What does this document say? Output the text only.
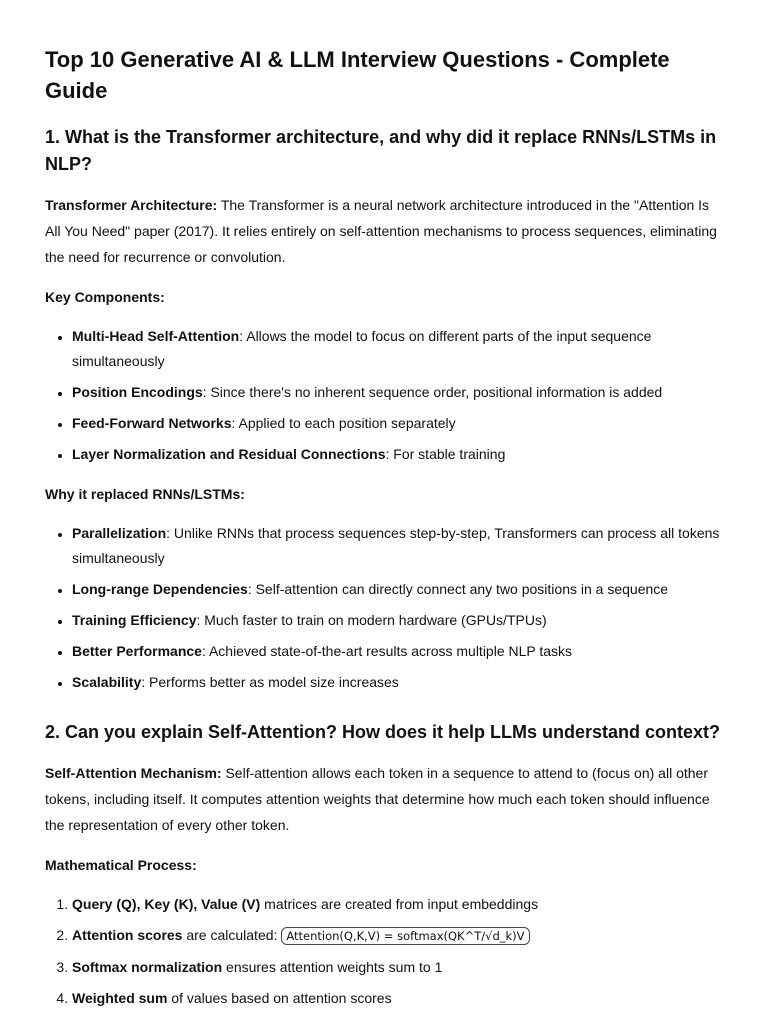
Top 10 Generative AI & LLM Interview Questions - Complete Guide
1. What is the Transformer architecture, and why did it replace RNNs/LSTMs in NLP?

Transformer Architecture: The Transformer is a neural network architecture introduced in the "Attention Is All You Need" paper (2017). It relies entirely on self-attention mechanisms to process sequences, eliminating the need for recurrence or convolution.

Key Components:

• Multi-Head Self-Attention: Allows the model to focus on different parts of the input sequence simultaneously
• Position Encodings: Since there's no inherent sequence order, positional information is added
• Feed-Forward Networks: Applied to each position separately
• Layer Normalization and Residual Connections: For stable training

Why it replaced RNNs/LSTMs:

• Parallelization: Unlike RNNs that process sequences step-by-step, Transformers can process all tokens simultaneously
• Long-range Dependencies: Self-attention can directly connect any two positions in a sequence
• Training Efficiency: Much faster to train on modern hardware (GPUs/TPUs)
• Better Performance: Achieved state-of-the-art results across multiple NLP tasks
• Scalability: Performs better as model size increases
2. Can you explain Self-Attention? How does it help LLMs understand context?

Self-Attention Mechanism: Self-attention allows each token in a sequence to attend to (focus on) all other tokens, including itself. It computes attention weights that determine how much each token should influence the representation of every other token.

Mathematical Process:

1. Query (Q), Key (K), Value (V) matrices are created from input embeddings
2. Attention scores are calculated: Attention(Q,K,V) = softmax(QK^T/√d_k)V
3. Softmax normalization ensures attention weights sum to 1
4. Weighted sum of values based on attention scores
